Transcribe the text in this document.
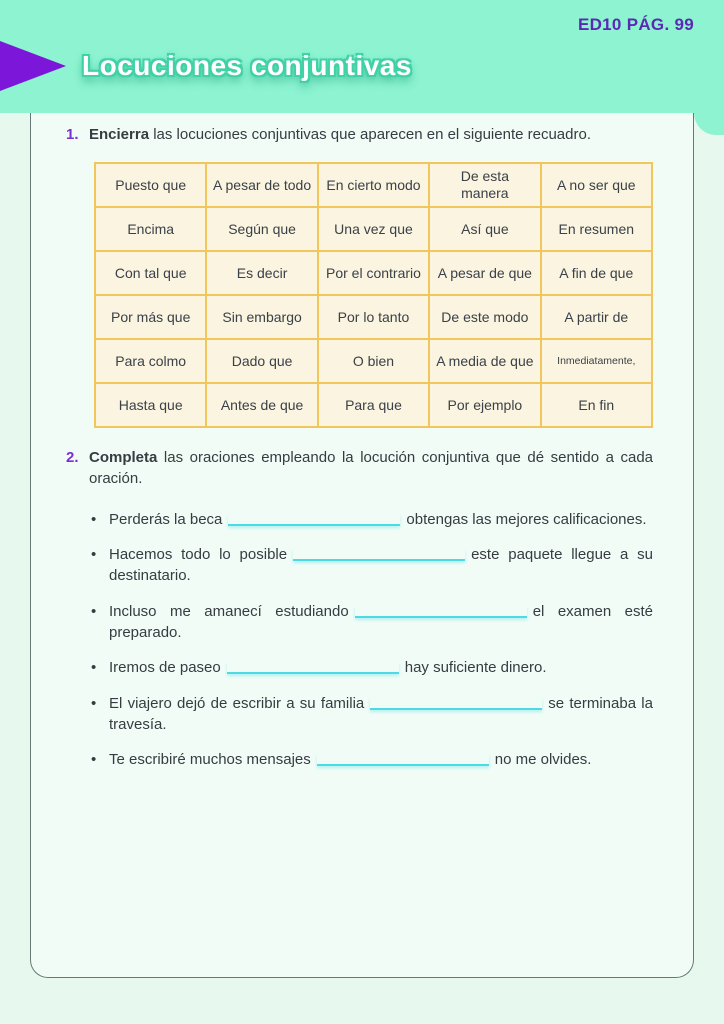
Locuciones conjuntivas
ED10 PÁG. 99
1. Encierra las locuciones conjuntivas que aparecen en el siguiente recuadro.

Puesto que	A pesar de todo	En cierto modo	De esta manera	A no ser que
Encima	Según que	Una vez que	Así que	En resumen
Con tal que	Es decir	Por el contrario	A pesar de que	A fin de que
Por más que	Sin embargo	Por lo tanto	De este modo	A partir de
Para colmo	Dado que	O bien	A media de que	Inmediatamente,
Hasta que	Antes de que	Para que	Por ejemplo	En fin
2. Completa las oraciones empleando la locución conjuntiva que dé sentido a cada oración.

• Perderás la beca	obtengas las mejores calificaciones.

• Hacemos todo lo posible	este paquete llegue a su destinatario.

• Incluso me amanecí estudiando	el examen esté preparado.

• Iremos de paseo	hay suficiente dinero.

• El viajero dejó de escribir a su familia	se terminaba la travesía.

• Te escribiré muchos mensajes	no me olvides.
